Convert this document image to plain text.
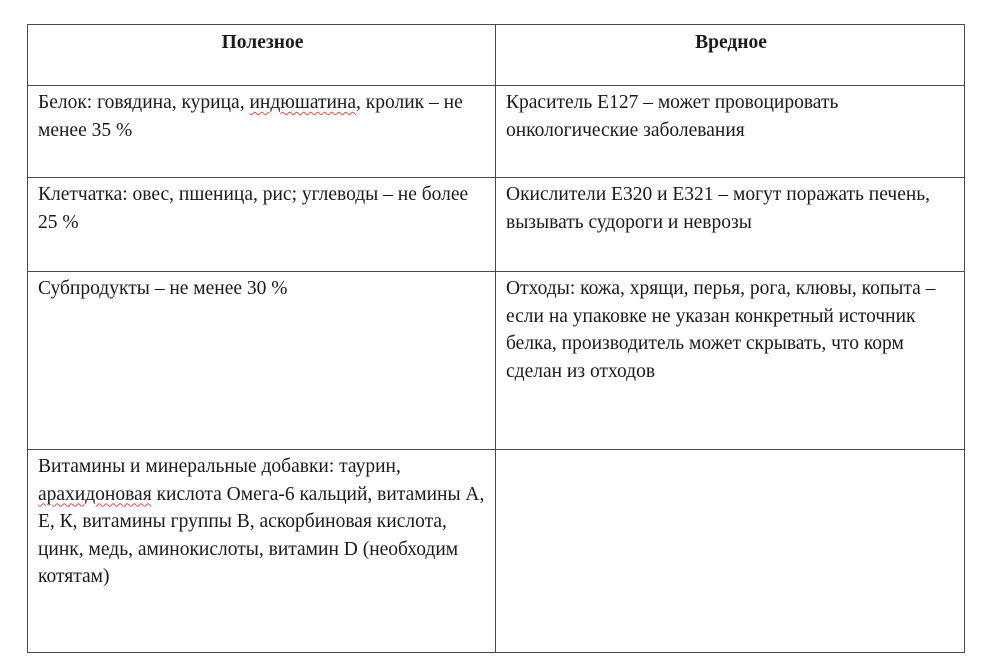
Полезное	Вредное
Белок: говядина, курица, индюшатина, кролик – не менее 35 %	Краситель Е127 – может провоцировать онкологические заболевания
Клетчатка: овес, пшеница, рис; углеводы – не более 25 %	Окислители Е320 и Е321 – могут поражать печень, вызывать судороги и неврозы
Субпродукты – не менее 30 %	Отходы: кожа, хрящи, перья, рога, клювы, копыта – если на упаковке не указан конкретный источник белка, производитель может скрывать, что корм сделан из отходов
Витамины и минеральные добавки: таурин, арахидоновая кислота Омега-6 кальций, витамины А, Е, К, витамины группы В, аскорбиновая кислота, цинк, медь, аминокислоты, витамин D (необходим котятам)	
